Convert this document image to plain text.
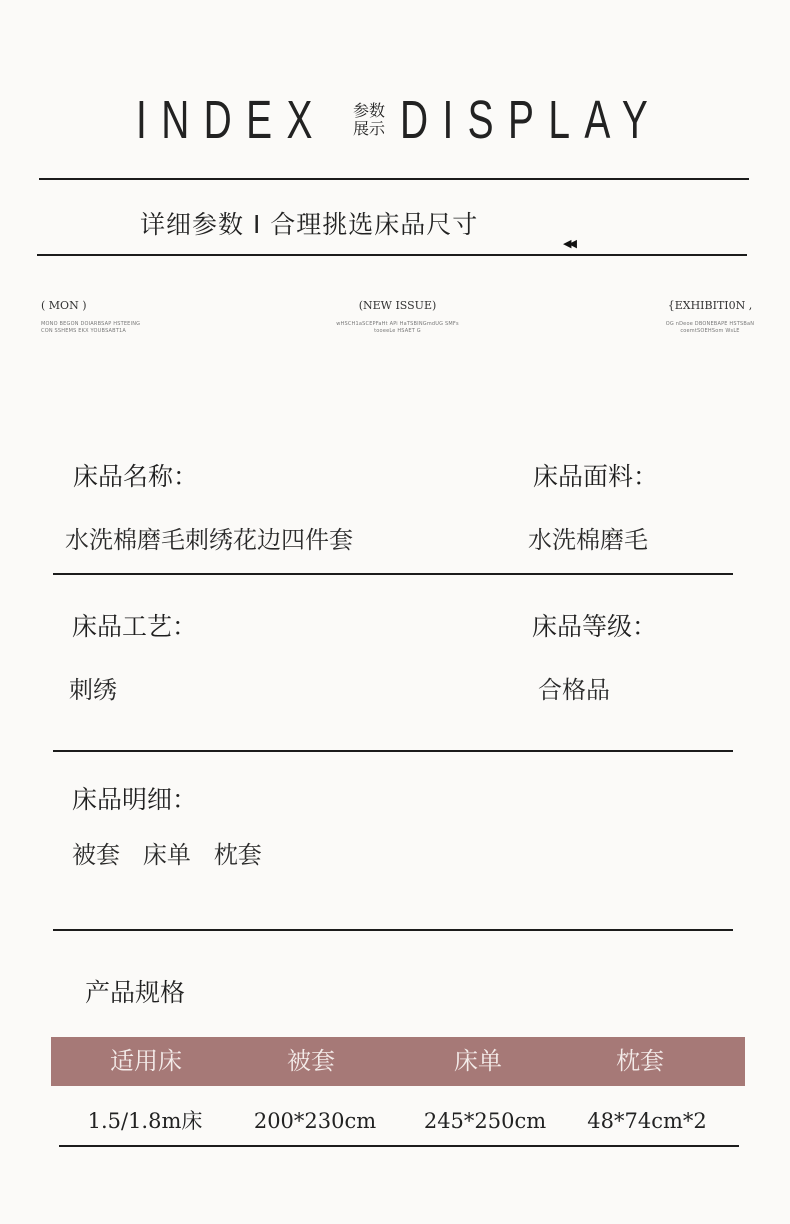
INDEX 参数
展示 DISPLAY
详细参数 I 合理挑选床品尺寸
◀◀
( MON )
MONO BEGON DOIARBSAP HSTEEING
CON SSHEMS EKX YOUBSABT1A
(NEW ISSUE)
wHSCH1aSCEPFaHt APi HaTSBINGmdUG SMFs
tooeeLe HSAET G
{EXHIBITI0N ,
OG nDeoe DBONEBAPE HSTSBaN
coemtSOEHSom WsLE
床品名称：	床品面料：
水洗棉磨毛刺绣花边四件套	水洗棉磨毛
床品工艺：	床品等级：
刺绣	合格品
床品明细：
被套   床单   枕套
产品规格
适用床	被套	床单	枕套
1.5/1.8m床	200*230cm	245*250cm	48*74cm*2
